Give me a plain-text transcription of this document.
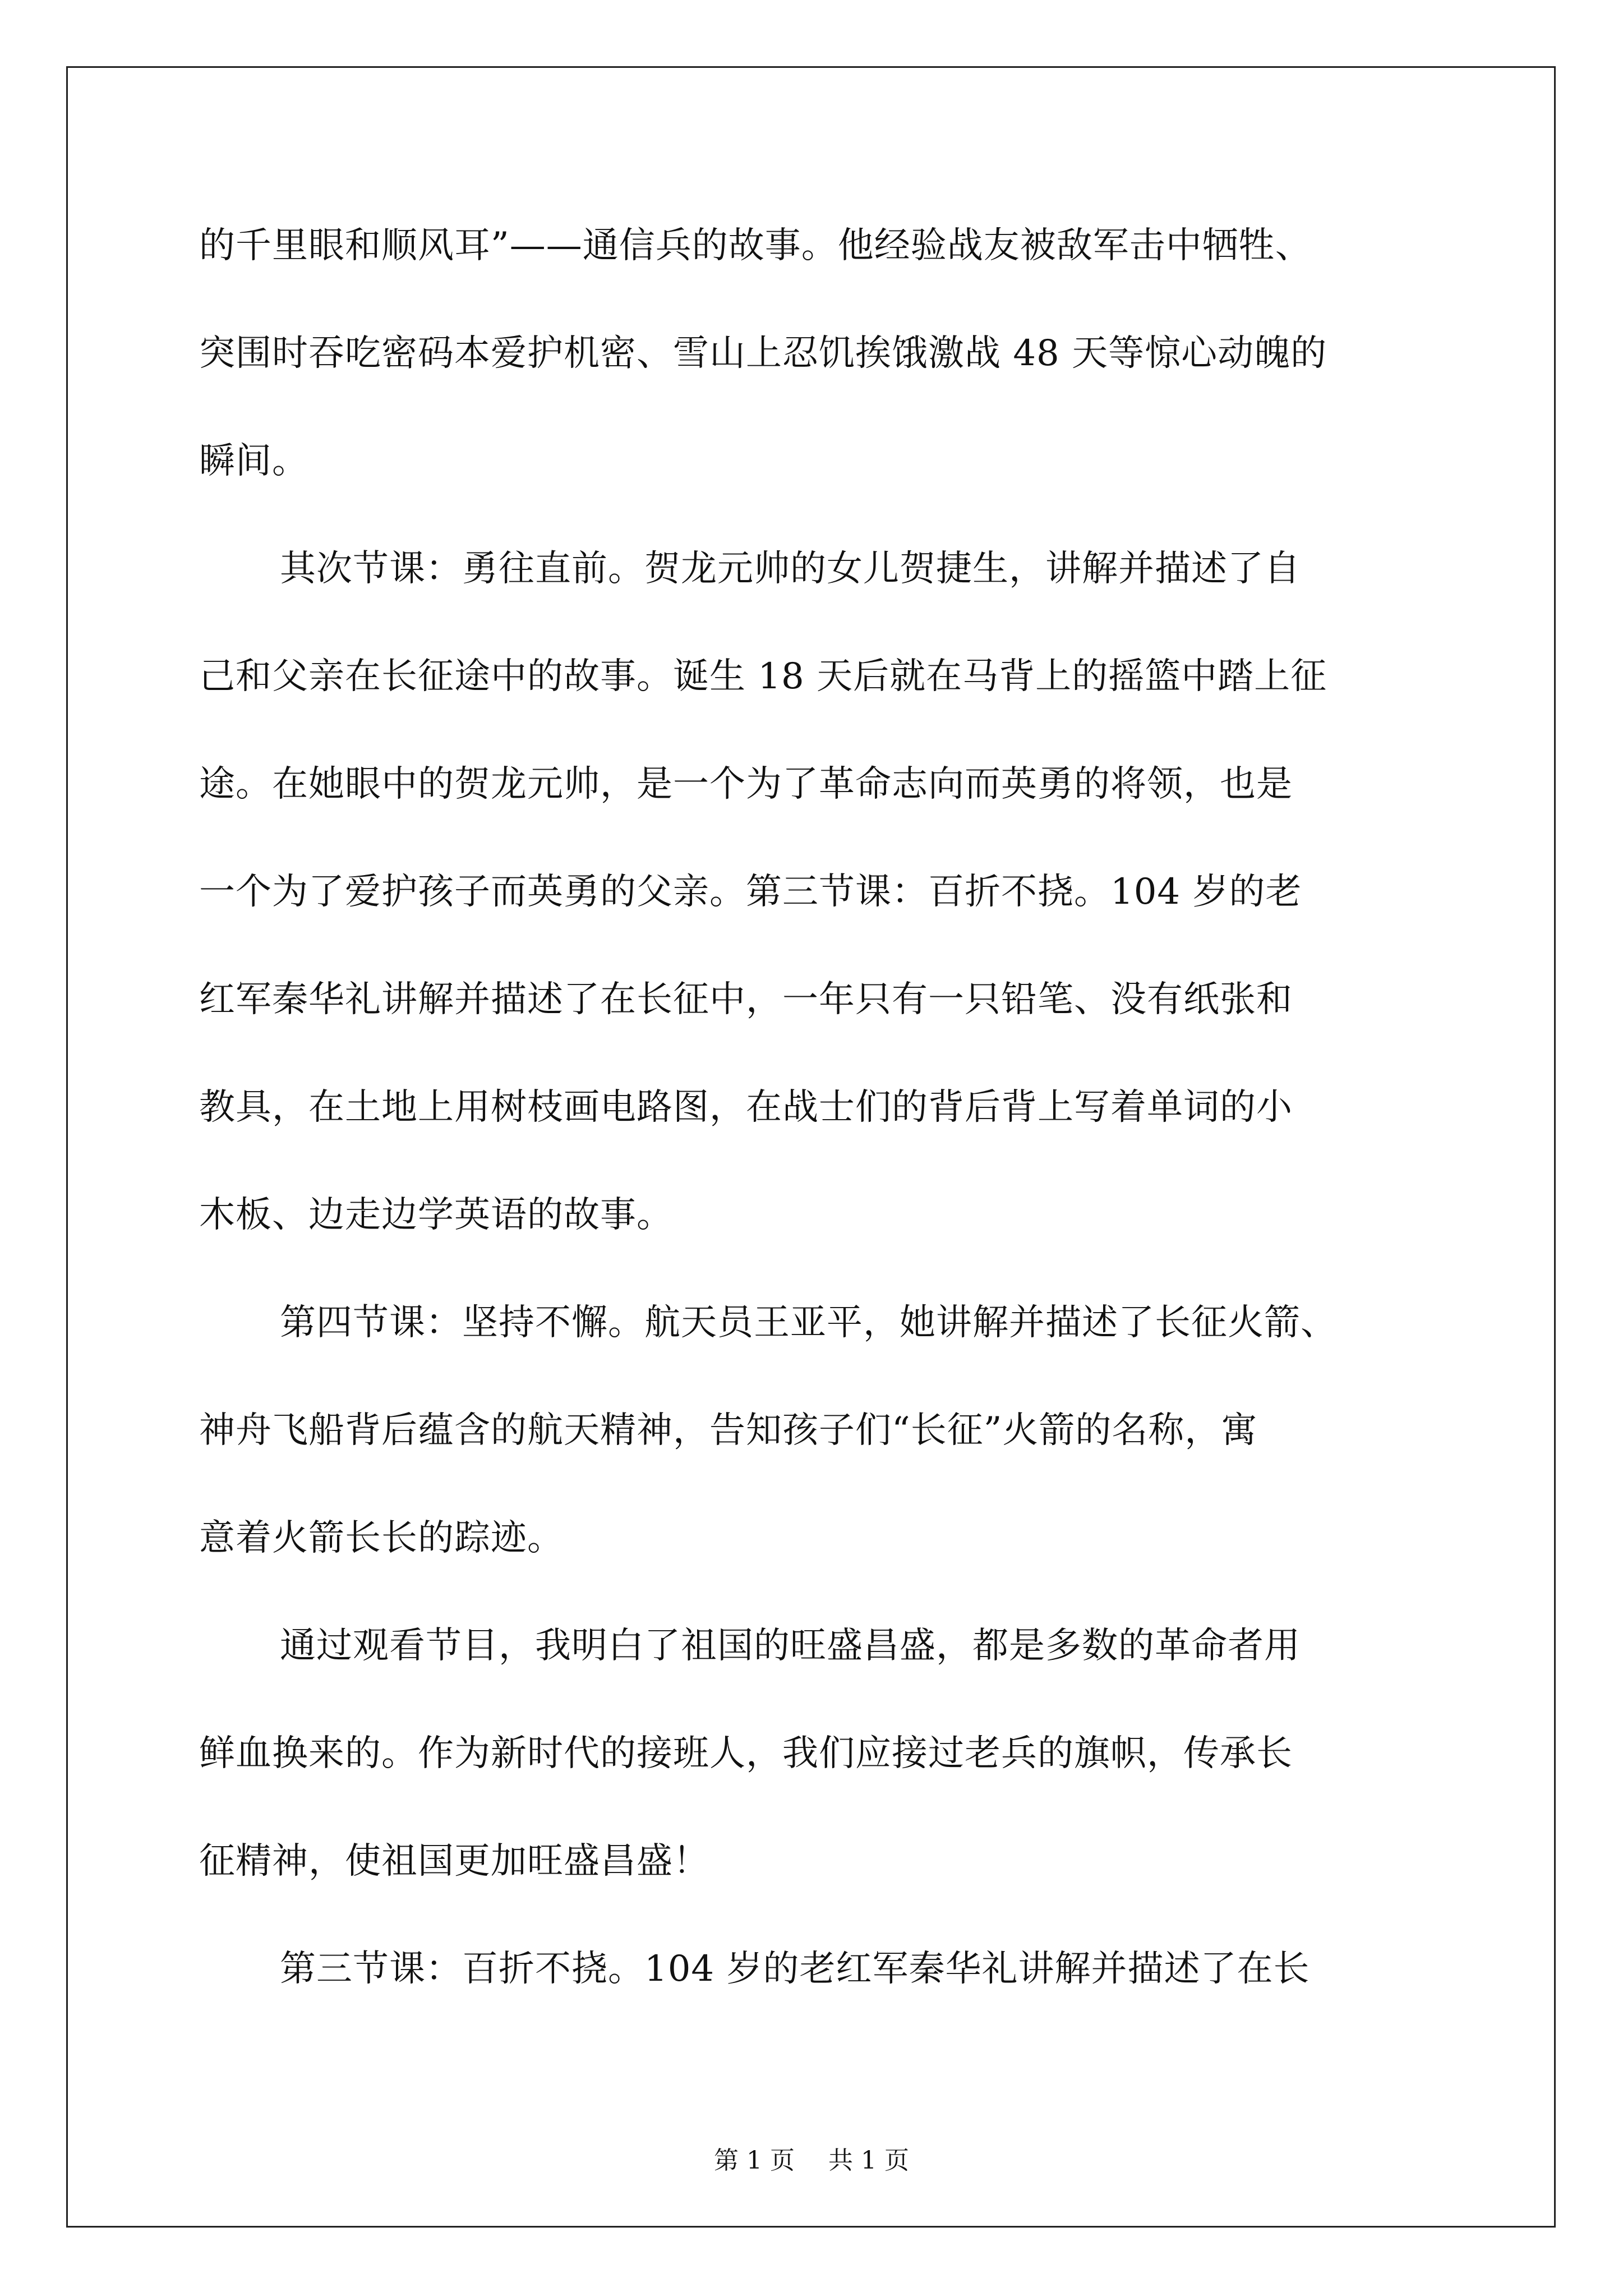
的千里眼和顺风耳”——通信兵的故事。他经验战友被敌军击中牺牲、
突围时吞吃密码本爱护机密、雪山上忍饥挨饿激战 48 天等惊心动魄的
瞬间。
其次节课：勇往直前。贺龙元帅的女儿贺捷生，讲解并描述了自
己和父亲在长征途中的故事。诞生 18 天后就在马背上的摇篮中踏上征
途。在她眼中的贺龙元帅，是一个为了革命志向而英勇的将领，也是
一个为了爱护孩子而英勇的父亲。第三节课：百折不挠。104 岁的老
红军秦华礼讲解并描述了在长征中，一年只有一只铅笔、没有纸张和
教具，在土地上用树枝画电路图，在战士们的背后背上写着单词的小
木板、边走边学英语的故事。
第四节课：坚持不懈。航天员王亚平，她讲解并描述了长征火箭、
神舟飞船背后蕴含的航天精神，告知孩子们“长征”火箭的名称，寓
意着火箭长长的踪迹。
通过观看节目，我明白了祖国的旺盛昌盛，都是多数的革命者用
鲜血换来的。作为新时代的接班人，我们应接过老兵的旗帜，传承长
征精神，使祖国更加旺盛昌盛！
第三节课：百折不挠。104 岁的老红军秦华礼讲解并描述了在长
第 1 页 共 1 页
